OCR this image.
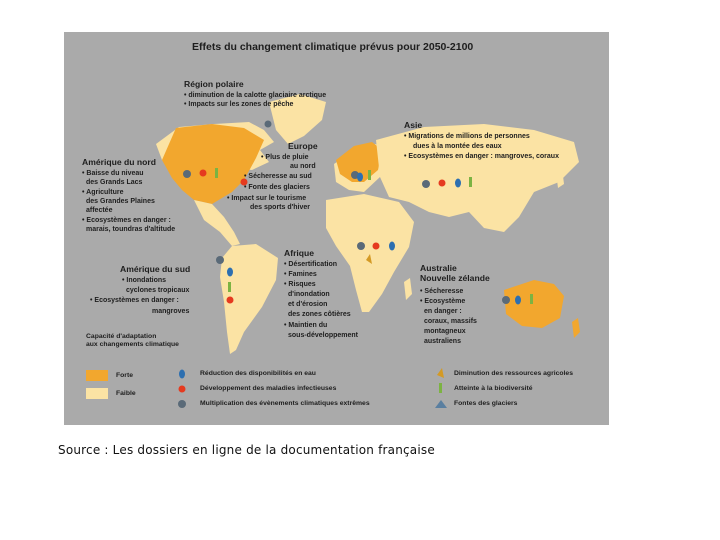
Effets du changement climatique prévus pour 2050-2100
Région polaire
• diminution de la calotte glaciaire arctique
• Impacts sur les zones de pêche
Amérique du nord
• Baisse du niveau
des Grands Lacs
• Agriculture
des Grandes Plaines
affectée
• Ecosystèmes en danger :
marais, toundras d'altitude
Europe
• Plus de pluie
au nord
• Sécheresse au sud
• Fonte des glaciers
• Impact sur le tourisme
des sports d'hiver
Asie
• Migrations de millions de personnes
dues à la montée des eaux
• Ecosystèmes en danger : mangroves, coraux
Amérique du sud
• Inondations
cyclones tropicaux
• Ecosystèmes en danger :
mangroves
Afrique
• Désertification
• Famines
• Risques
d'inondation
et d'érosion
des zones côtières
• Maintien du
sous-développement
Australie
Nouvelle zélande
• Sécheresse
• Ecosystème
en danger :
coraux, massifs
montagneux
australiens
Capacité d'adaptation
aux changements climatique
Forte
Faible
Réduction des disponibilités en eau
Développement des maladies infectieuses
Multiplication des évènements climatiques extrêmes
Diminution des ressources agricoles
Atteinte à la biodiversité
Fontes des glaciers
Source : Les dossiers en ligne de la documentation française
